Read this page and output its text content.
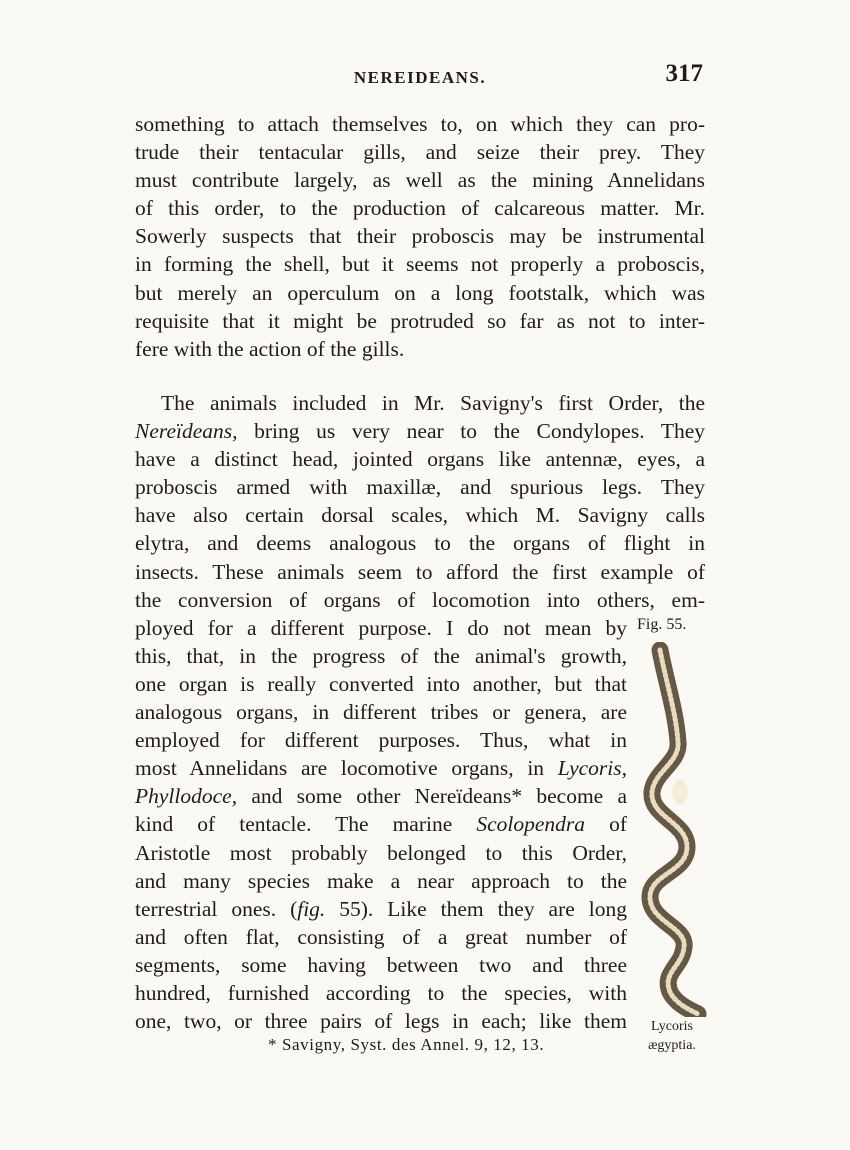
NEREIDEANS.	317
something to attach themselves to, on which they can pro-
trude their tentacular gills, and seize their prey. They
must contribute largely, as well as the mining Annelidans
of this order, to the production of calcareous matter. Mr.
Sowerly suspects that their proboscis may be instrumental
in forming the shell, but it seems not properly a proboscis,
but merely an operculum on a long footstalk, which was
requisite that it might be protruded so far as not to inter-
fere with the action of the gills.
The animals included in Mr. Savigny's first Order, the
Nereïdeans, bring us very near to the Condylopes. They
have a distinct head, jointed organs like antennæ, eyes, a
proboscis armed with maxillæ, and spurious legs. They
have also certain dorsal scales, which M. Savigny calls
elytra, and deems analogous to the organs of flight in
insects. These animals seem to afford the first example of
the conversion of organs of locomotion into others, em-
ployed for a different purpose. I do not mean by
this, that, in the progress of the animal's growth,
one organ is really converted into another, but that
analogous organs, in different tribes or genera, are
employed for different purposes. Thus, what in
most Annelidans are locomotive organs, in Lycoris,
Phyllodoce, and some other Nereïdeans* become a
kind of tentacle. The marine Scolopendra of
Aristotle most probably belonged to this Order,
and many species make a near approach to the
terrestrial ones. (fig. 55). Like them they are long
and often flat, consisting of a great number of
segments, some having between two and three
hundred, furnished according to the species, with
one, two, or three pairs of legs in each; like them
Fig. 55.
Lycoris
ægyptia.
* Savigny, Syst. des Annel. 9, 12, 13.
